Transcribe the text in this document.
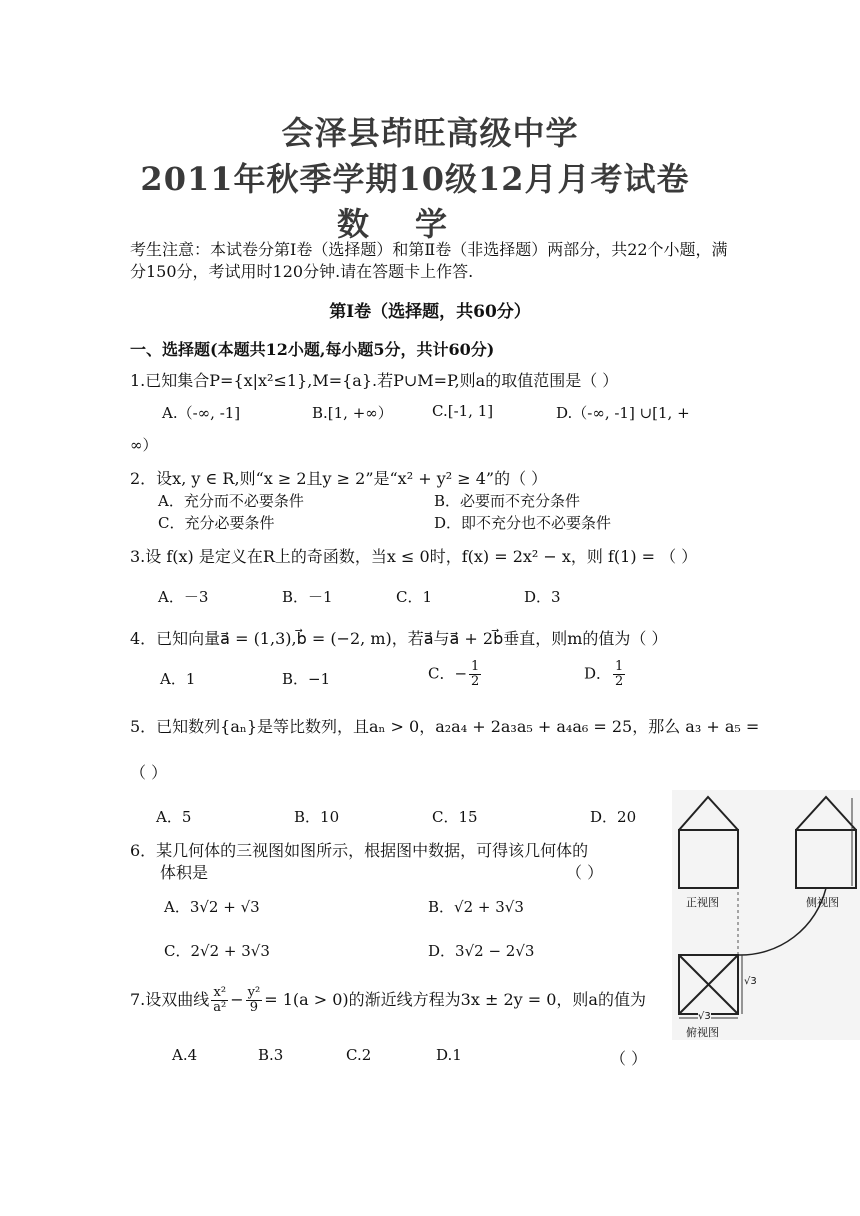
会泽县茚旺高级中学
2011年秋季学期10级12月月考试卷
数学
考生注意：本试卷分第Ⅰ卷（选择题）和第Ⅱ卷（非选择题）两部分，共22个小题，满分150分，考试用时120分钟.请在答题卡上作答.
第Ⅰ卷（选择题，共60分）
一、选择题(本题共12小题,每小题5分，共计60分)
1.已知集合P={x|x²≤1},M={a}.若P∪M=P,则a的取值范围是（ ）
A.（-∞, -1]	B.[1, +∞）	C.[-1, 1]	D.（-∞, -1] ∪[1, +
∞）
2．设x, y ∈ R,则“x ≥ 2且y ≥ 2”是“x² + y² ≥ 4”的（ ）
A．充分而不必要条件	B．必要而不充分条件
C．充分必要条件	D．即不充分也不必要条件
3.设 f(x) 是定义在R上的奇函数，当x ≤ 0时，f(x) = 2x² − x，则 f(1) = （ ）
A．－3	B．－1	C．1	D．3
4．已知向量a⃗ = (1,3),b⃗ = (−2, m)，若a⃗与a⃗ + 2b⃗垂直，则m的值为（ ）
A．1	B．−1	C．− $\frac{1}{2}$	D． $\frac{1}{2}$
5．已知数列{aₙ}是等比数列，且aₙ > 0，a₂a₄ + 2a₃a₅ + a₄a₆ = 25，那么 a₃ + a₅ =
（ ）
A．5	B．10	C．15	D．20
6．某几何体的三视图如图所示，根据图中数据，可得该几何体的
体积是	（ ）
A．3√2 + √3	B．√2 + 3√3
C．2√2 + 3√3	D．3√2 − 2√3
7.设双曲线 $\frac{\text{x²}}{\text{a²}} - \frac{\text{y²}}{9} = 1(a > 0)$的渐近线方程为3x ± 2y = 0，则a的值为
A.4	B.3	C.2	D.1	（ ）
正视图	侧视图
俯视图
√3
√3
